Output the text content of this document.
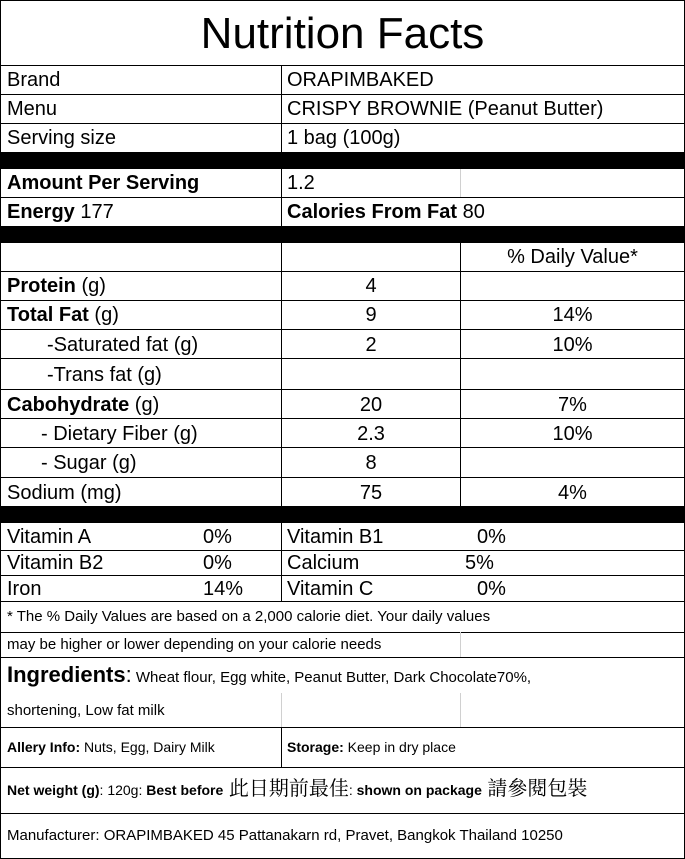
Nutrition Facts
Brand	ORAPIMBAKED
Menu	CRISPY BROWNIE (Peanut Butter)
Serving size	1 bag (100g)
Amount Per Serving	1.2
Energy 177	Calories From Fat 80
% Daily Value*
Protein (g)	4
Total Fat (g)	9	14%
-Saturated fat (g)	2	10%
-Trans fat (g)
Cabohydrate (g)	20	7%
- Dietary Fiber (g)	2.3	10%
- Sugar (g)	8
Sodium (mg)	75	4%
Vitamin A	0%	Vitamin B1	0%
Vitamin B2	0%	Calcium	5%
Iron	14% Vitamin C	0%
* The % Daily Values are based on a 2,000 calorie diet. Your daily values
may be higher or lower depending on your calorie needs
Ingredients: Wheat flour, Egg white, Peanut Butter, Dark Chocolate70%,
shortening, Low fat milk
Allery Info: Nuts, Egg, Dairy Milk	Storage: Keep in dry place
Net weight (g): 120g: Best before 此日期前最佳: shown on package 請參閱包裝
Manufacturer: ORAPIMBAKED 45 Pattanakarn rd, Pravet, Bangkok Thailand 10250
